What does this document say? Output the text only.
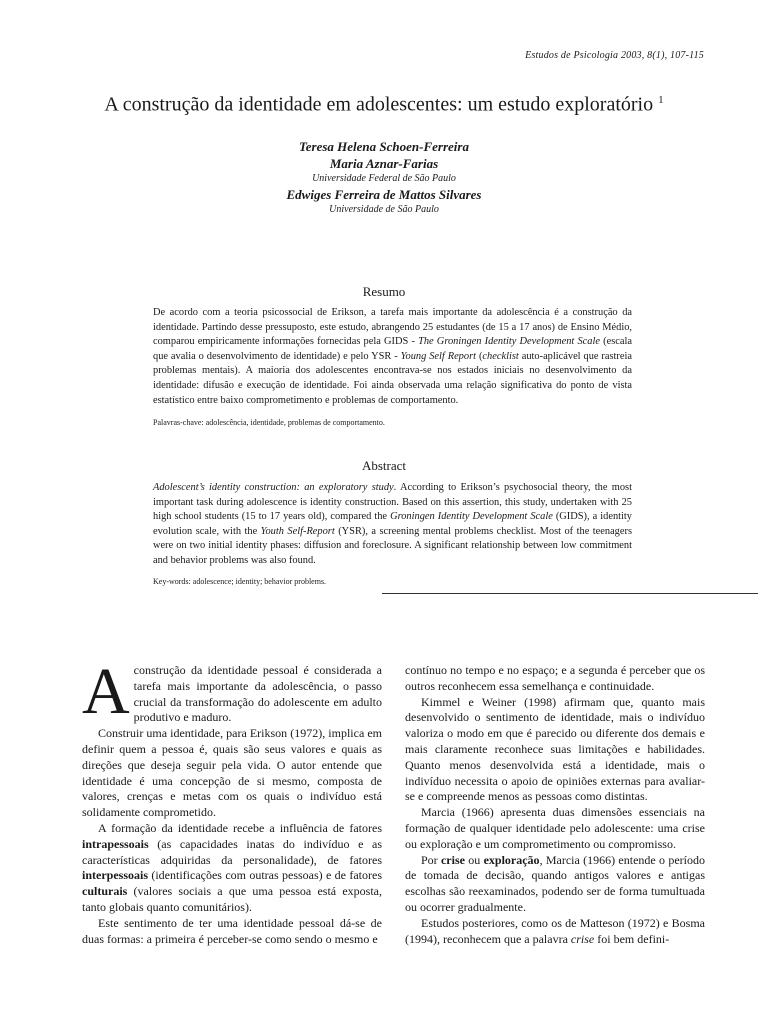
Estudos de Psicologia 2003, 8(1), 107-115
A construção da identidade em adolescentes: um estudo exploratório $^1$
Teresa Helena Schoen-Ferreira
Maria Aznar-Farias
Universidade Federal de São Paulo
Edwiges Ferreira de Mattos Silvares
Universidade de São Paulo
Resumo
De acordo com a teoria psicossocial de Erikson, a tarefa mais importante da adolescência é a construção da identidade. Partindo desse pressuposto, este estudo, abrangendo 25 estudantes (de 15 a 17 anos) de Ensino Médio, comparou empiricamente informações fornecidas pela GIDS - The Groningen Identity Development Scale (escala que avalia o desenvolvimento de identidade) e pelo YSR - Young Self Report (checklist auto-aplicável que rastreia problemas mentais). A maioria dos adolescentes encontrava-se nos estados iniciais no desenvolvimento da identidade: difusão e execução de identidade. Foi ainda observada uma relação significativa do ponto de vista estatístico entre baixo comprometimento e problemas de comportamento.
Palavras-chave: adolescência, identidade, problemas de comportamento.
Abstract
Adolescent’s identity construction: an exploratory study. According to Erikson’s psychosocial theory, the most important task during adolescence is identity construction. Based on this assertion, this study, undertaken with 25 high school students (15 to 17 years old), compared the Groningen Identity Development Scale (GIDS), a identity evolution scale, with the Youth Self-Report (YSR), a screening mental problems checklist. Most of the teenagers were on two initial identity phases: diffusion and foreclosure. A significant relationship between low commitment and behavior problems was also found.
Key-words: adolescence; identity; behavior problems.

Aconstrução da identidade pessoal é considerada a tarefa mais importante da adolescência, o passo crucial da transformação do adolescente em adulto produtivo e maduro.

Construir uma identidade, para Erikson (1972), implica em definir quem a pessoa é, quais são seus valores e quais as direções que deseja seguir pela vida. O autor entende que identidade é uma concepção de si mesmo, composta de valores, crenças e metas com os quais o indivíduo está solidamente comprometido.

A formação da identidade recebe a influência de fatores intrapessoais (as capacidades inatas do indivíduo e as características adquiridas da personalidade), de fatores interpessoais (identificações com outras pessoas) e de fatores culturais (valores sociais a que uma pessoa está exposta, tanto globais quanto comunitários).

Este sentimento de ter uma identidade pessoal dá-se de duas formas: a primeira é perceber-se como sendo o mesmo e

contínuo no tempo e no espaço; e a segunda é perceber que os outros reconhecem essa semelhança e continuidade.

Kimmel e Weiner (1998) afirmam que, quanto mais desenvolvido o sentimento de identidade, mais o indivíduo valoriza o modo em que é parecido ou diferente dos demais e mais claramente reconhece suas limitações e habilidades. Quanto menos desenvolvida está a identidade, mais o indivíduo necessita o apoio de opiniões externas para avaliar-se e compreende menos as pessoas como distintas.

Marcia (1966) apresenta duas dimensões essenciais na formação de qualquer identidade pelo adolescente: uma crise ou exploração e um comprometimento ou compromisso.

Por crise ou exploração, Marcia (1966) entende o período de tomada de decisão, quando antigos valores e antigas escolhas são reexaminados, podendo ser de forma tumultuada ou ocorrer gradualmente.

Estudos posteriores, como os de Matteson (1972) e Bosma (1994), reconhecem que a palavra crise foi bem defini-
